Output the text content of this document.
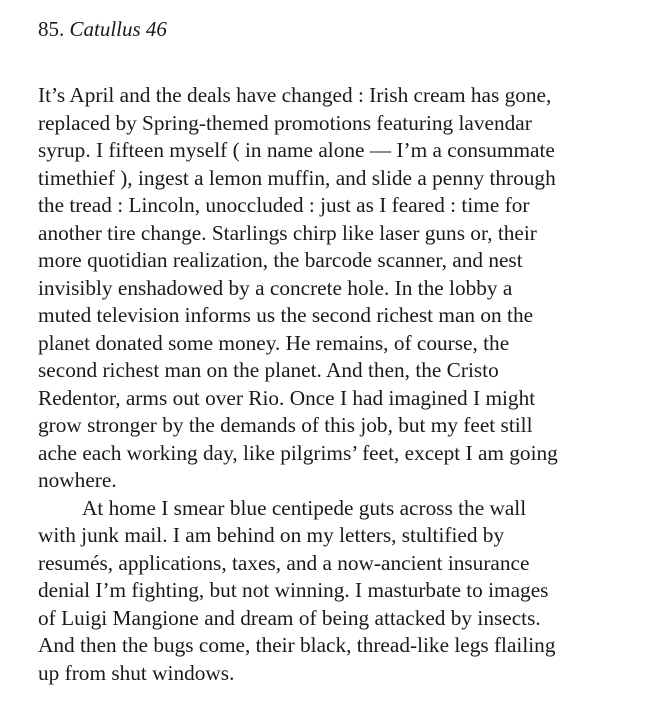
85. Catullus 46
It’s April and the deals have changed : Irish cream has gone,
replaced by Spring-themed promotions featuring lavendar
syrup. I fifteen myself ( in name alone — I’m a consummate
timethief ), ingest a lemon muffin, and slide a penny through
the tread : Lincoln, unoccluded : just as I feared : time for
another tire change. Starlings chirp like laser guns or, their
more quotidian realization, the barcode scanner, and nest
invisibly enshadowed by a concrete hole. In the lobby a
muted television informs us the second richest man on the
planet donated some money. He remains, of course, the
second richest man on the planet. And then, the Cristo
Redentor, arms out over Rio. Once I had imagined I might
grow stronger by the demands of this job, but my feet still
ache each working day, like pilgrims’ feet, except I am going
nowhere.
At home I smear blue centipede guts across the wall
with junk mail. I am behind on my letters, stultified by
resumés, applications, taxes, and a now-ancient insurance
denial I’m fighting, but not winning. I masturbate to images
of Luigi Mangione and dream of being attacked by insects.
And then the bugs come, their black, thread-like legs flailing
up from shut windows.
